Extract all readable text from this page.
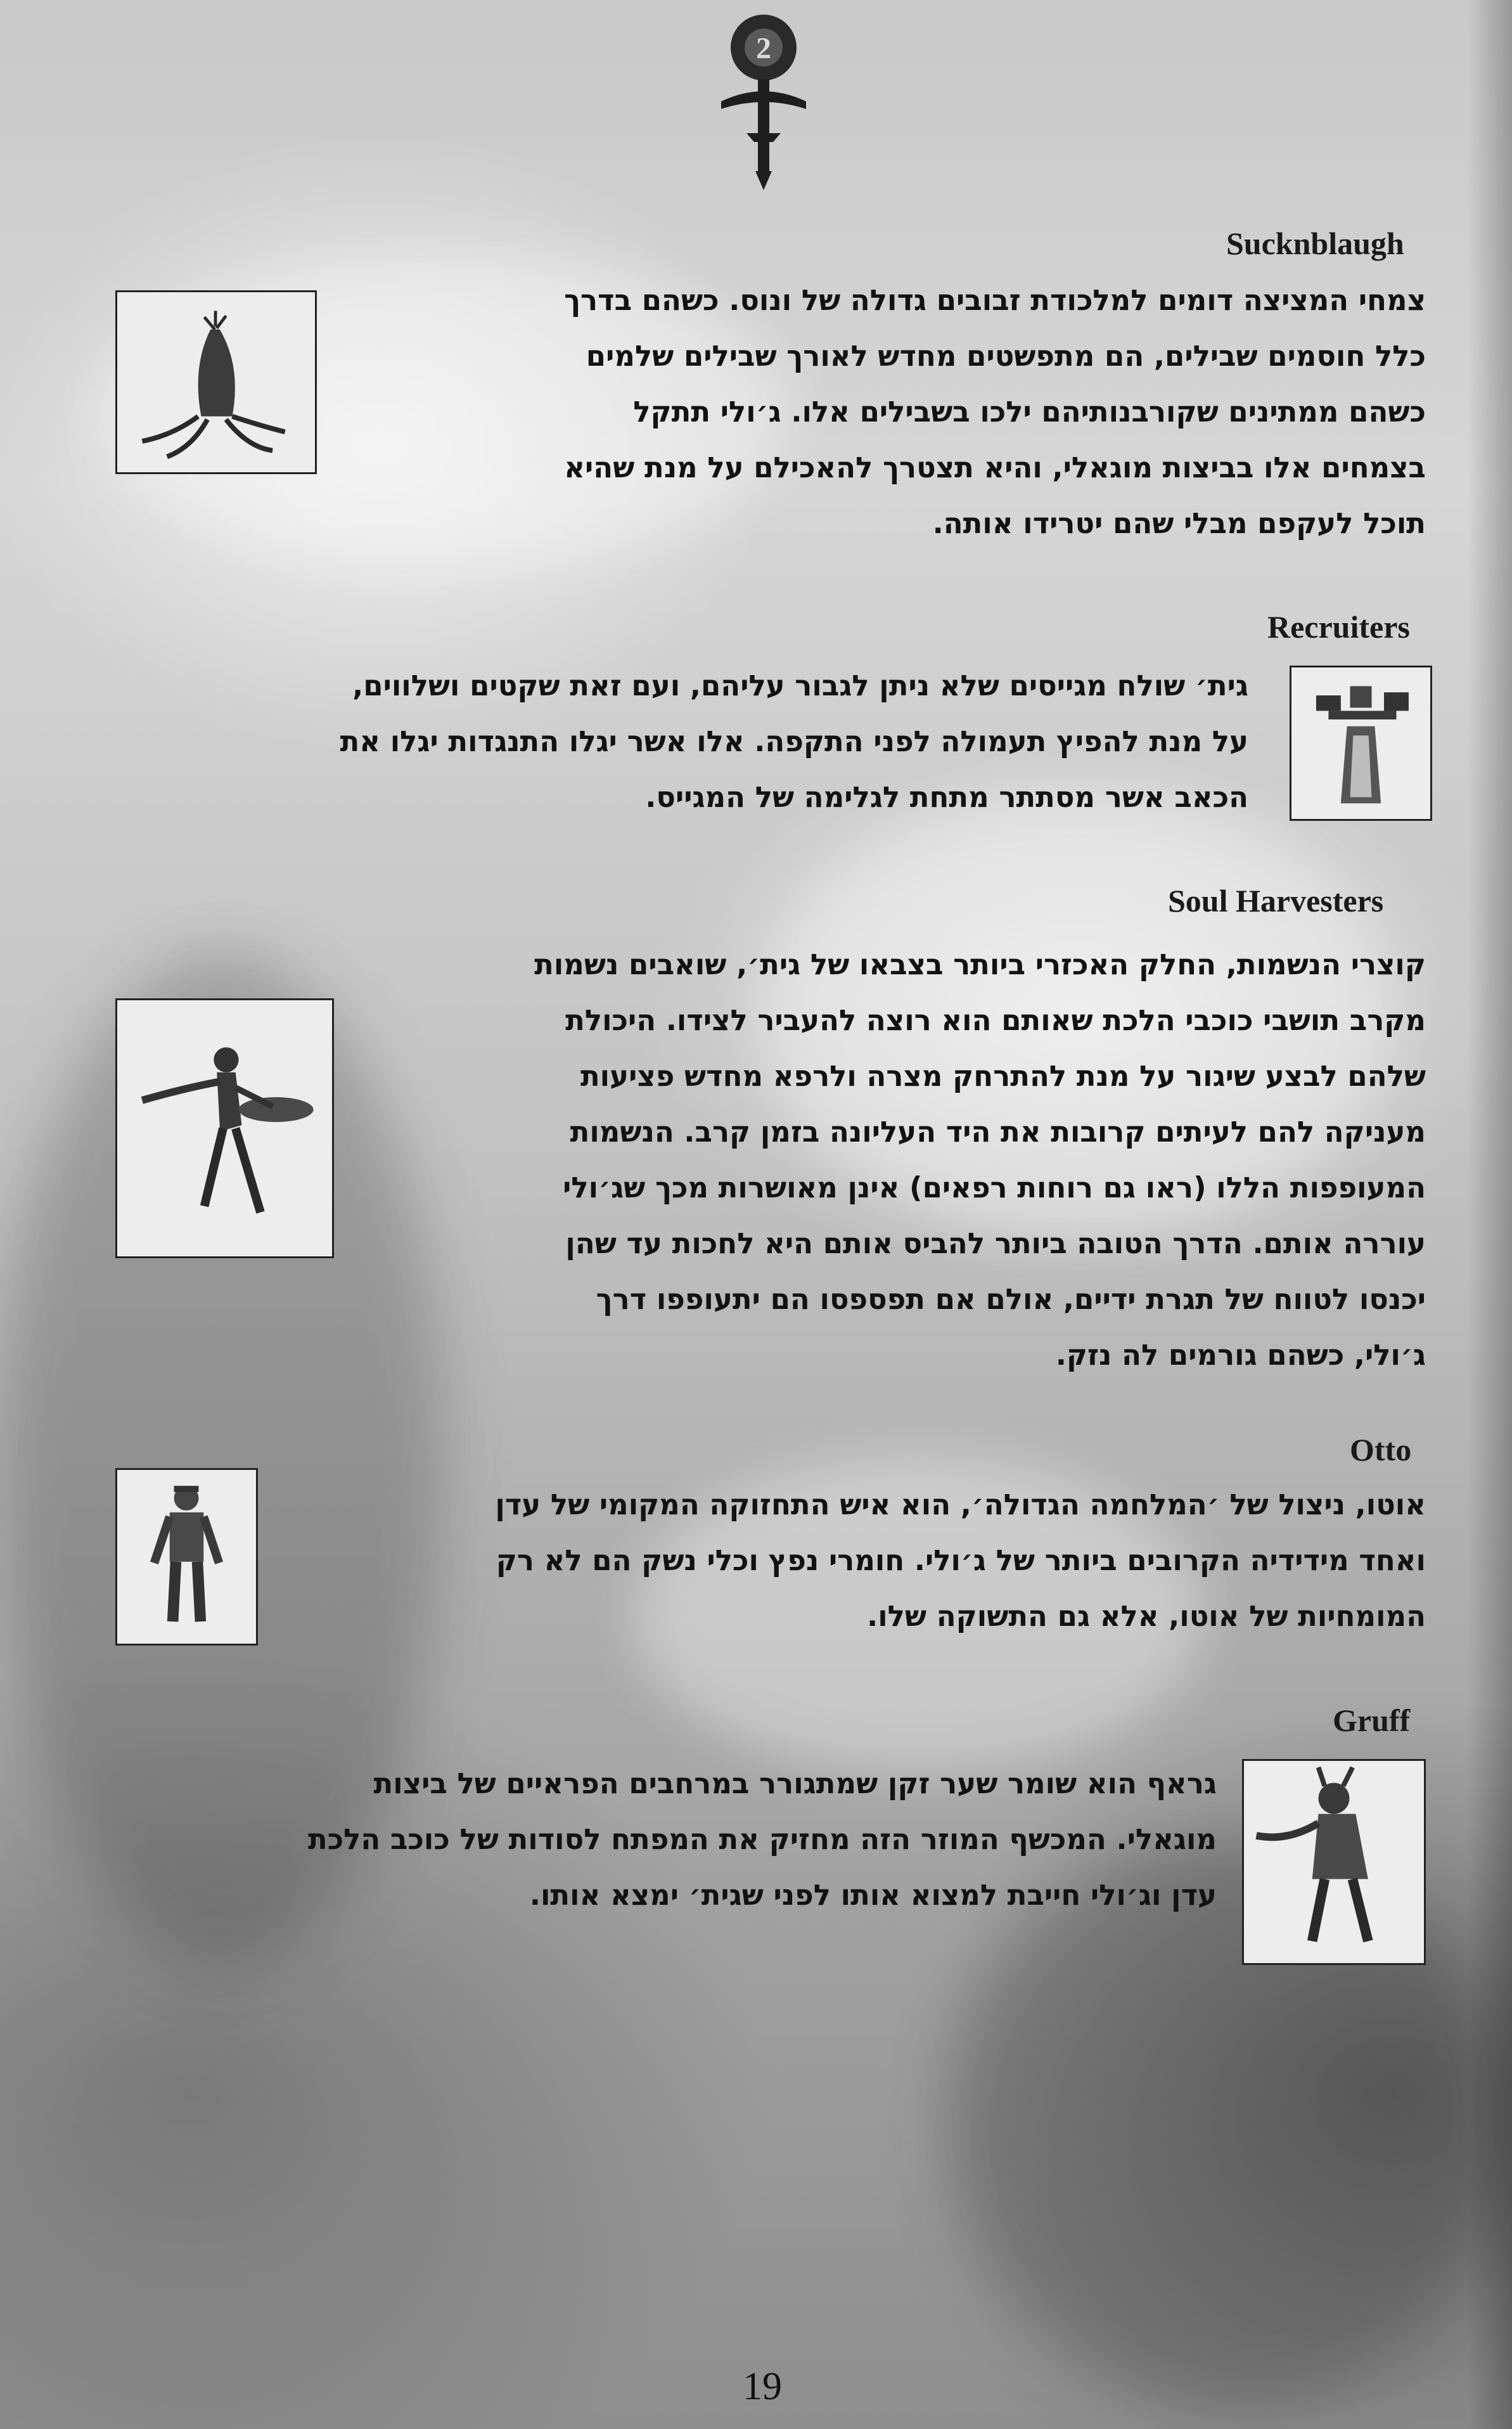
2
Sucknblaugh
צמחי המציצה דומים למלכודת זבובים גדולה של ונוס. כשהם בדרך
כלל חוסמים שבילים, הם מתפשטים מחדש לאורך שבילים שלמים
כשהם ממתינים שקורבנותיהם ילכו בשבילים אלו. ג׳ולי תתקל
בצמחים אלו בביצות מוגאלי, והיא תצטרך להאכילם על מנת שהיא
תוכל לעקפם מבלי שהם יטרידו אותה.
Recruiters
גית׳ שולח מגייסים שלא ניתן לגבור עליהם, ועם זאת שקטים ושלווים,
על מנת להפיץ תעמולה לפני התקפה. אלו אשר יגלו התנגדות יגלו את
הכאב אשר מסתתר מתחת לגלימה של המגייס.
Soul Harvesters
קוצרי הנשמות, החלק האכזרי ביותר בצבאו של גית׳, שואבים נשמות
מקרב תושבי כוכבי הלכת שאותם הוא רוצה להעביר לצידו. היכולת
שלהם לבצע שיגור על מנת להתרחק מצרה ולרפא מחדש פציעות
מעניקה להם לעיתים קרובות את היד העליונה בזמן קרב. הנשמות
המעופפות הללו (ראו גם רוחות רפאים) אינן מאושרות מכך שג׳ולי
עוררה אותם. הדרך הטובה ביותר להביס אותם היא לחכות עד שהן
יכנסו לטווח של תגרת ידיים, אולם אם תפספסו הם יתעופפו דרך
ג׳ולי, כשהם גורמים לה נזק.
Otto
אוטו, ניצול של ׳המלחמה הגדולה׳, הוא איש התחזוקה המקומי של עדן
ואחד מידידיה הקרובים ביותר של ג׳ולי. חומרי נפץ וכלי נשק הם לא רק
המומחיות של אוטו, אלא גם התשוקה שלו.
Gruff
גראף הוא שומר שער זקן שמתגורר במרחבים הפראיים של ביצות
מוגאלי. המכשף המוזר הזה מחזיק את המפתח לסודות של כוכב הלכת
עדן וג׳ולי חייבת למצוא אותו לפני שגית׳ ימצא אותו.
19
